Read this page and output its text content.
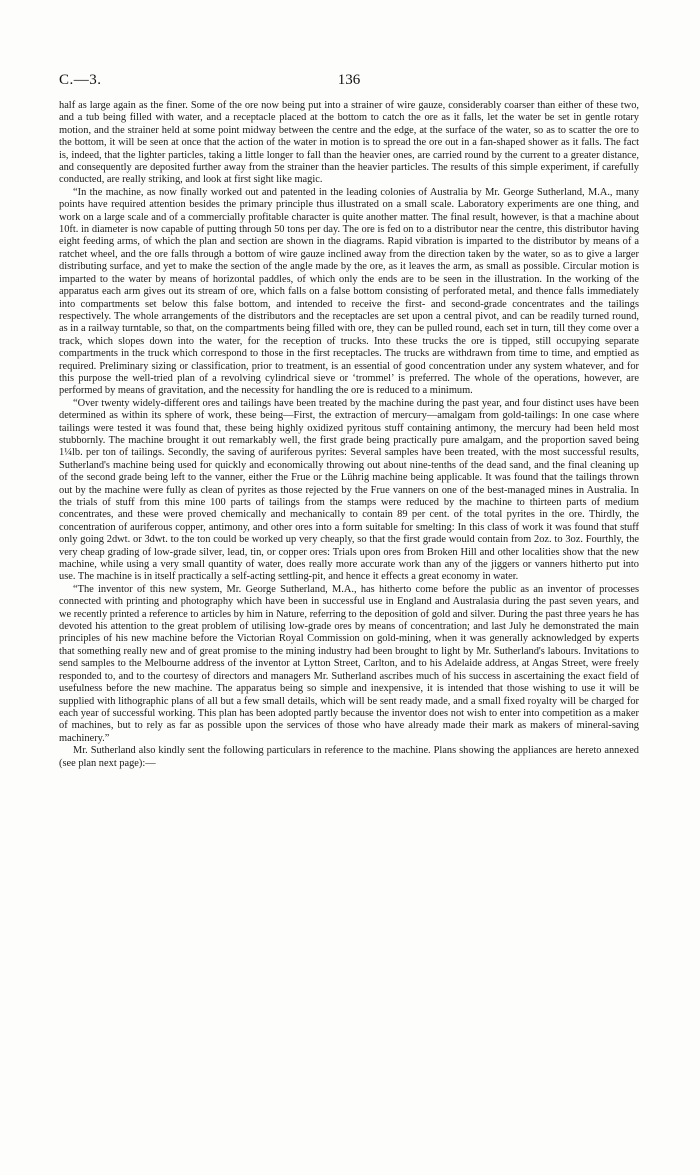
C.—3.	136

half as large again as the finer. Some of the ore now being put into a strainer of wire gauze, considerably coarser than either of these two, and a tub being filled with water, and a receptacle placed at the bottom to catch the ore as it falls, let the water be set in gentle rotary motion, and the strainer held at some point midway between the centre and the edge, at the surface of the water, so as to scatter the ore to the bottom, it will be seen at once that the action of the water in motion is to spread the ore out in a fan-shaped shower as it falls. The fact is, indeed, that the lighter particles, taking a little longer to fall than the heavier ones, are carried round by the current to a greater distance, and consequently are deposited further away from the strainer than the heavier particles. The results of this simple experiment, if carefully conducted, are really striking, and look at first sight like magic.

“In the machine, as now finally worked out and patented in the leading colonies of Australia by Mr. George Sutherland, M.A., many points have required attention besides the primary principle thus illustrated on a small scale. Laboratory experiments are one thing, and work on a large scale and of a commercially profitable character is quite another matter. The final result, however, is that a machine about 10ft. in diameter is now capable of putting through 50 tons per day. The ore is fed on to a distributor near the centre, this distributor having eight feeding arms, of which the plan and section are shown in the diagrams. Rapid vibration is imparted to the distributor by means of a ratchet wheel, and the ore falls through a bottom of wire gauze inclined away from the direction taken by the water, so as to give a larger distributing surface, and yet to make the section of the angle made by the ore, as it leaves the arm, as small as possible. Circular motion is imparted to the water by means of horizontal paddles, of which only the ends are to be seen in the illustration. In the working of the apparatus each arm gives out its stream of ore, which falls on a false bottom consisting of perforated metal, and thence falls immediately into compartments set below this false bottom, and intended to receive the first- and second-grade concentrates and the tailings respectively. The whole arrangements of the distributors and the receptacles are set upon a central pivot, and can be readily turned round, as in a railway turntable, so that, on the compartments being filled with ore, they can be pulled round, each set in turn, till they come over a track, which slopes down into the water, for the reception of trucks. Into these trucks the ore is tipped, still occupying separate compartments in the truck which correspond to those in the first receptacles. The trucks are withdrawn from time to time, and emptied as required. Preliminary sizing or classification, prior to treatment, is an essential of good concentration under any system whatever, and for this purpose the well-tried plan of a revolving cylindrical sieve or ‘trommel’ is preferred. The whole of the operations, however, are performed by means of gravitation, and the necessity for handling the ore is reduced to a minimum.

“Over twenty widely-different ores and tailings have been treated by the machine during the past year, and four distinct uses have been determined as within its sphere of work, these being—First, the extraction of mercury—amalgam from gold-tailings: In one case where tailings were tested it was found that, these being highly oxidized pyritous stuff containing antimony, the mercury had been held most stubbornly. The machine brought it out remarkably well, the first grade being practically pure amalgam, and the proportion saved being 1¼lb. per ton of tailings. Secondly, the saving of auriferous pyrites: Several samples have been treated, with the most successful results, Sutherland's machine being used for quickly and economically throwing out about nine-tenths of the dead sand, and the final cleaning up of the second grade being left to the vanner, either the Frue or the Lührig machine being applicable. It was found that the tailings thrown out by the machine were fully as clean of pyrites as those rejected by the Frue vanners on one of the best-managed mines in Australia. In the trials of stuff from this mine 100 parts of tailings from the stamps were reduced by the machine to thirteen parts of medium concentrates, and these were proved chemically and mechanically to contain 89 per cent. of the total pyrites in the ore. Thirdly, the concentration of auriferous copper, antimony, and other ores into a form suitable for smelting: In this class of work it was found that stuff only going 2dwt. or 3dwt. to the ton could be worked up very cheaply, so that the first grade would contain from 2oz. to 3oz. Fourthly, the very cheap grading of low-grade silver, lead, tin, or copper ores: Trials upon ores from Broken Hill and other localities show that the new machine, while using a very small quantity of water, does really more accurate work than any of the jiggers or vanners hitherto put into use. The machine is in itself practically a self-acting settling-pit, and hence it effects a great economy in water.

“The inventor of this new system, Mr. George Sutherland, M.A., has hitherto come before the public as an inventor of processes connected with printing and photography which have been in successful use in England and Australasia during the past seven years, and we recently printed a reference to articles by him in Nature, referring to the deposition of gold and silver. During the past three years he has devoted his attention to the great problem of utilising low-grade ores by means of concentration; and last July he demonstrated the main principles of his new machine before the Victorian Royal Commission on gold-mining, when it was generally acknowledged by experts that something really new and of great promise to the mining industry had been brought to light by Mr. Sutherland's labours. Invitations to send samples to the Melbourne address of the inventor at Lytton Street, Carlton, and to his Adelaide address, at Angas Street, were freely responded to, and to the courtesy of directors and managers Mr. Sutherland ascribes much of his success in ascertaining the exact field of usefulness before the new machine. The apparatus being so simple and inexpensive, it is intended that those wishing to use it will be supplied with lithographic plans of all but a few small details, which will be sent ready made, and a small fixed royalty will be charged for each year of successful working. This plan has been adopted partly because the inventor does not wish to enter into competition as a maker of machines, but to rely as far as possible upon the services of those who have already made their mark as makers of mineral-saving machinery.”

Mr. Sutherland also kindly sent the following particulars in reference to the machine. Plans showing the appliances are hereto annexed (see plan next page):—
